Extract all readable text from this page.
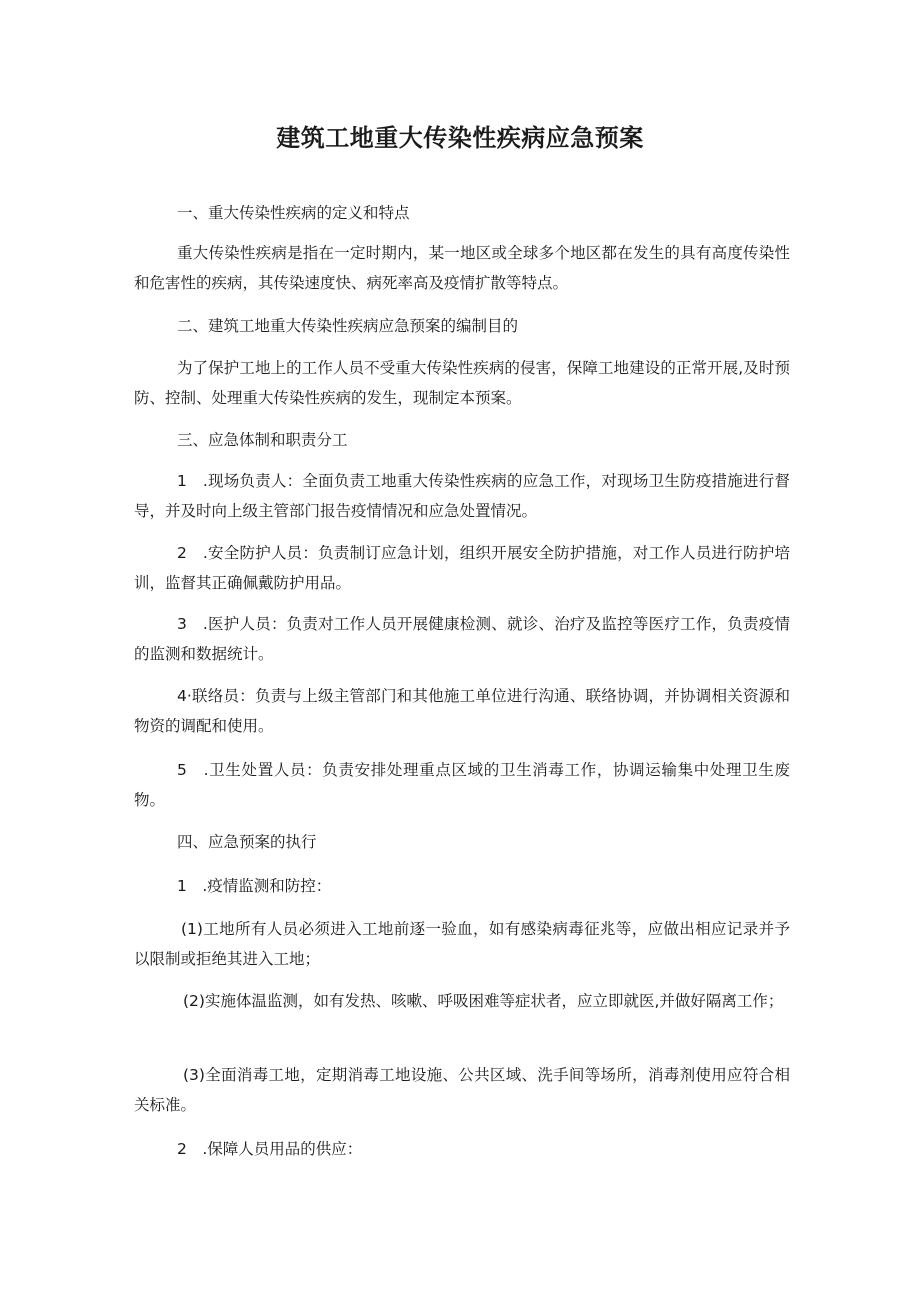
建筑工地重大传染性疾病应急预案

一、重大传染性疾病的定义和特点

重大传染性疾病是指在一定时期内，某一地区或全球多个地区都在发生的具有高度传染性和危害性的疾病，其传染速度快、病死率高及疫情扩散等特点。

二、建筑工地重大传染性疾病应急预案的编制目的

为了保护工地上的工作人员不受重大传染性疾病的侵害，保障工地建设的正常开展,及时预防、控制、处理重大传染性疾病的发生，现制定本预案。

三、应急体制和职责分工

1　.现场负责人：全面负责工地重大传染性疾病的应急工作，对现场卫生防疫措施进行督导，并及时向上级主管部门报告疫情情况和应急处置情况。

2　.安全防护人员：负责制订应急计划，组织开展安全防护措施，对工作人员进行防护培训，监督其正确佩戴防护用品。

3　.医护人员：负责对工作人员开展健康检测、就诊、治疗及监控等医疗工作，负责疫情的监测和数据统计。

4·联络员：负责与上级主管部门和其他施工单位进行沟通、联络协调，并协调相关资源和物资的调配和使用。

5　.卫生处置人员：负责安排处理重点区域的卫生消毒工作，协调运输集中处理卫生废物。

四、应急预案的执行

1　.疫情监测和防控：

(1)工地所有人员必须进入工地前逐一验血，如有感染病毒征兆等，应做出相应记录并予以限制或拒绝其进入工地；

(2)实施体温监测，如有发热、咳嗽、呼吸困难等症状者，应立即就医,并做好隔离工作；

(3)全面消毒工地，定期消毒工地设施、公共区域、洗手间等场所，消毒剂使用应符合相关标准。

2　.保障人员用品的供应：
